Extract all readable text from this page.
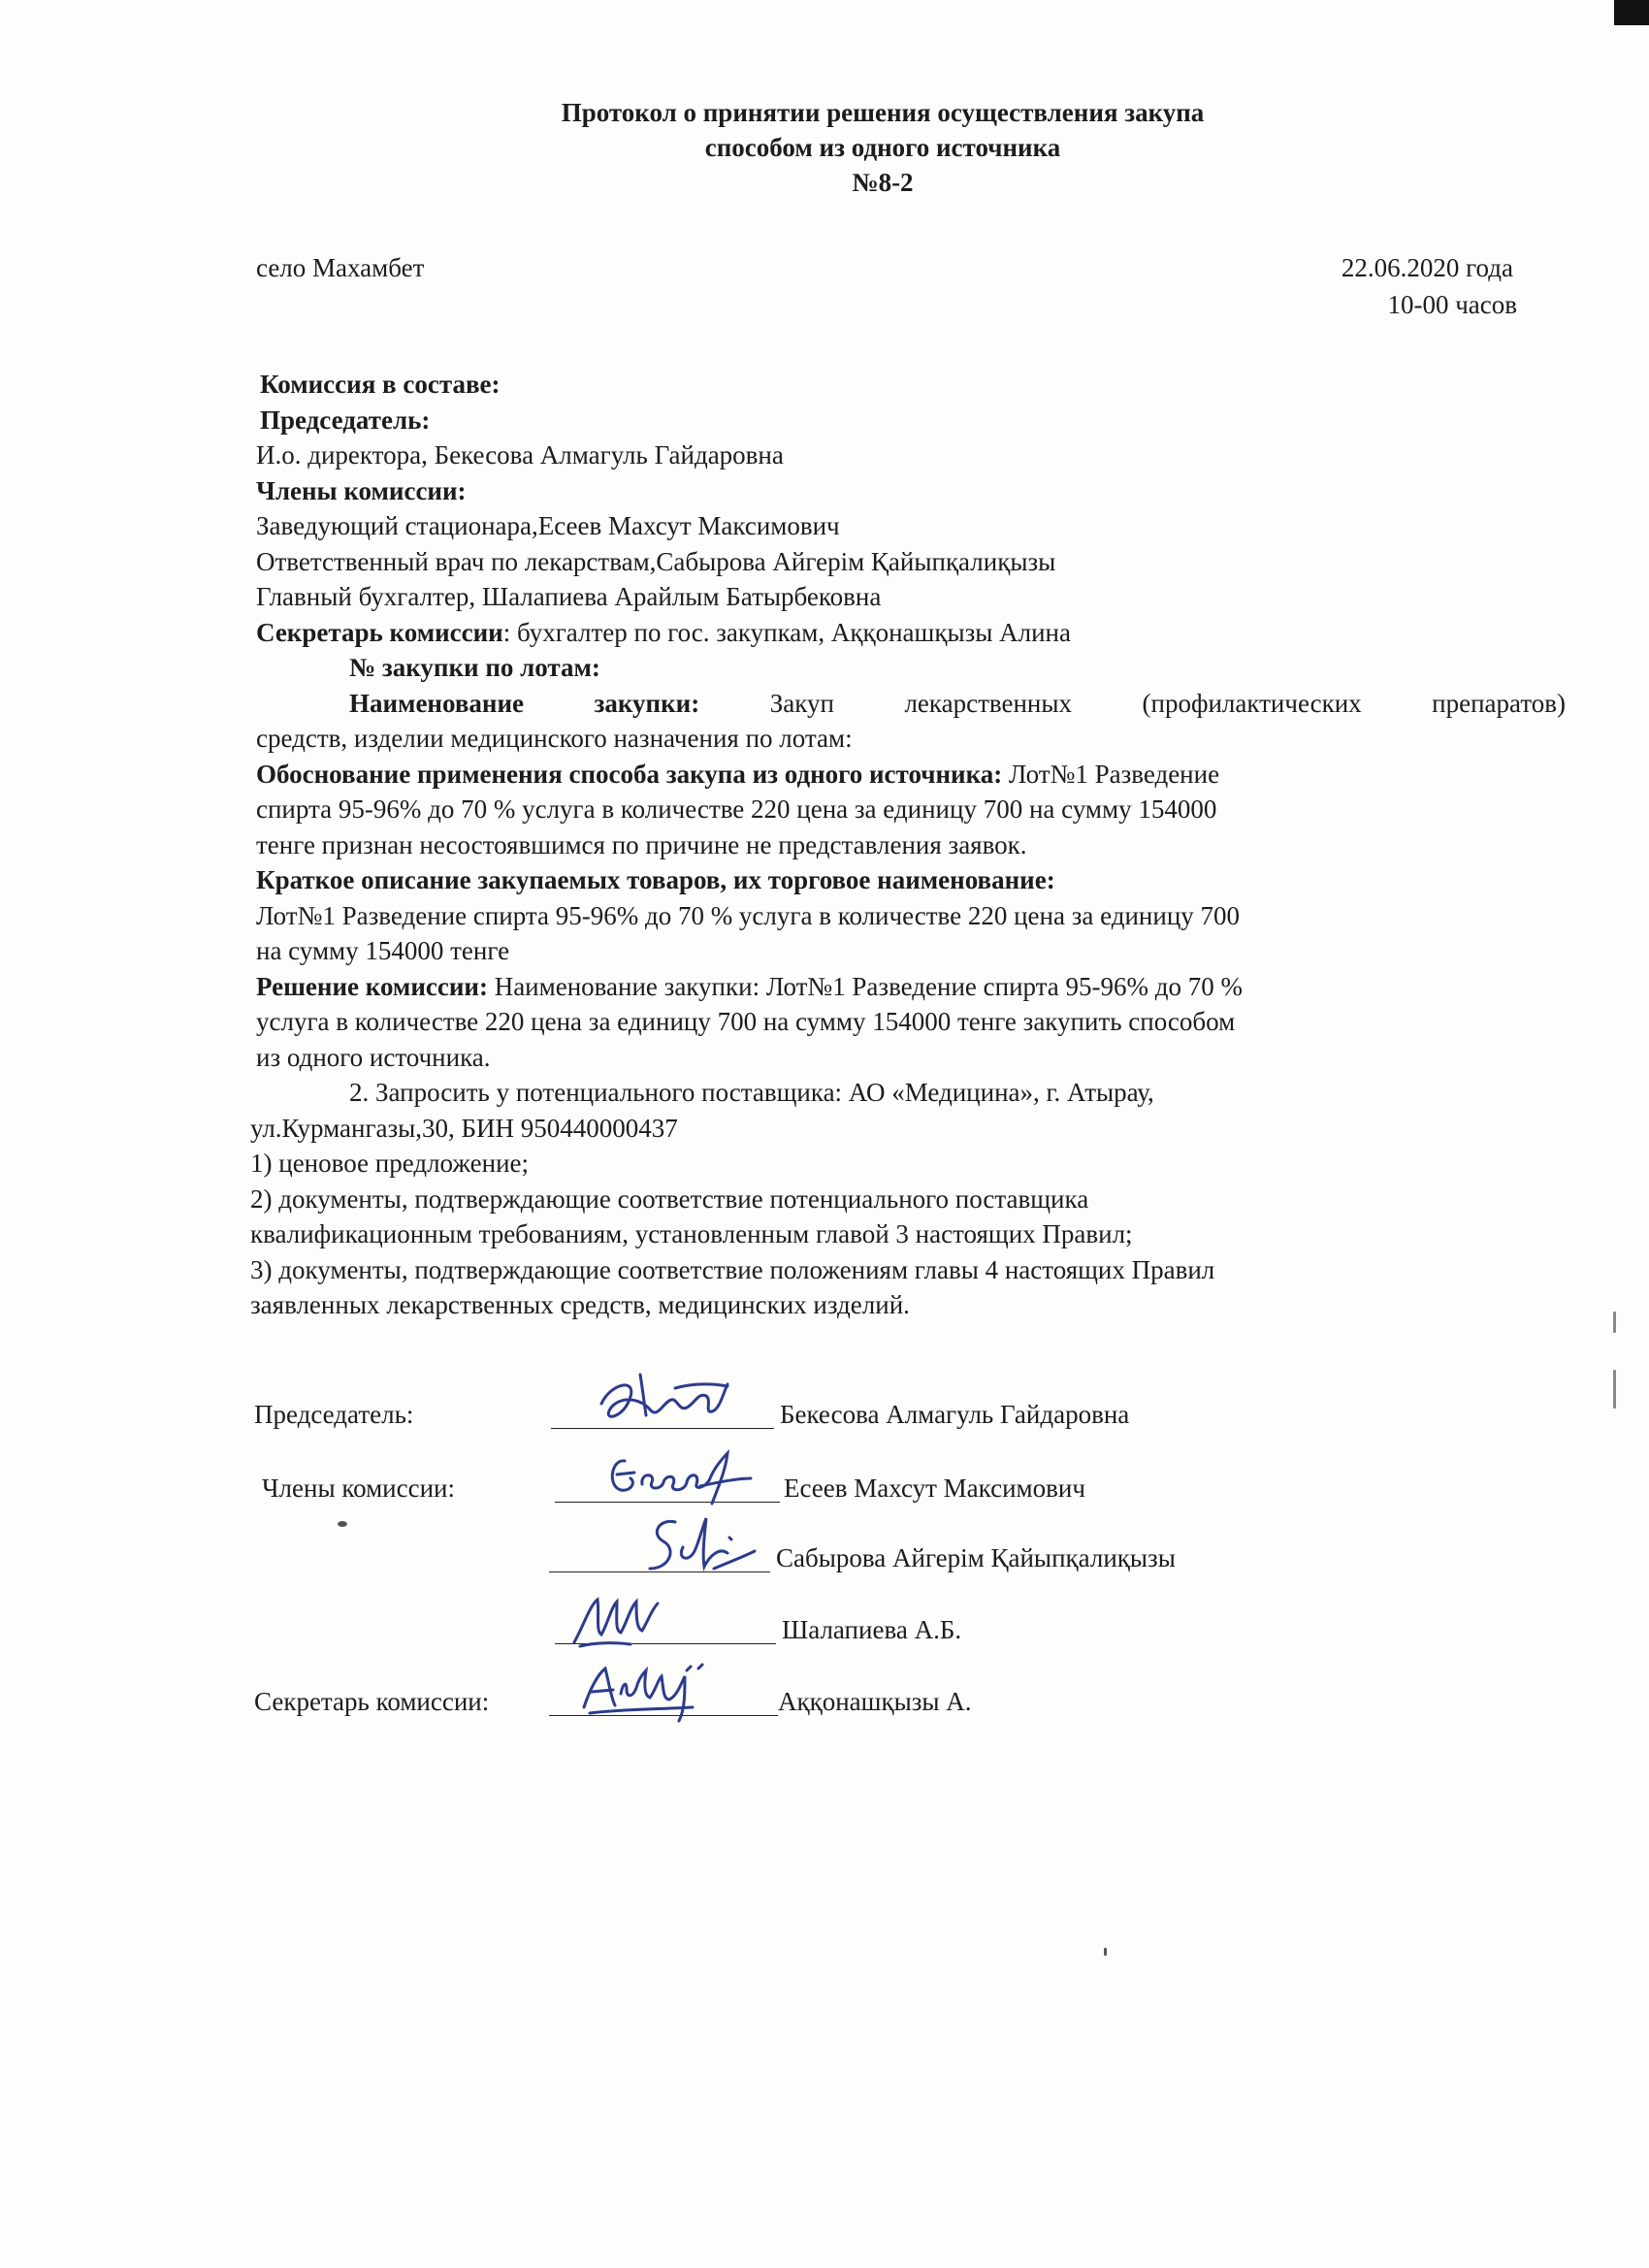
Протокол о принятии решения осуществления закупа
способом из одного источника
№8-2
село Махамбет	22.06.2020 года
10-00 часов
Комиссия в составе:
Председатель:
И.о. директора, Бекесова Алмагуль Гайдаровна
Члены комиссии:
Заведующий стационара,Есеев Махсут Максимович
Ответственный врач по лекарствам,Сабырова Айгерім Қайыпқалиқызы
Главный бухгалтер, Шалапиева Арайлым Батырбековна
Секретарь комиссии: бухгалтер по гос. закупкам, Аққонашқызы Алина
№ закупки по лотам:
Наименование закупки:	Закуп лекарственных (профилактических препаратов)
средств, изделии медицинского назначения по лотам:
Обоснование применения способа закупа из одного источника: Лот№1 Разведение
спирта 95-96% до 70 % услуга в количестве 220 цена за единицу 700 на сумму 154000
тенге признан несостоявшимся по причине не представления заявок.
Краткое описание закупаемых товаров, их торговое наименование:
Лот№1 Разведение спирта 95-96% до 70 % услуга в количестве 220 цена за единицу 700
на сумму 154000 тенге
Решение комиссии: Наименование закупки: Лот№1 Разведение спирта 95-96% до 70 %
услуга в количестве 220 цена за единицу 700 на сумму 154000 тенге закупить способом
из одного источника.
2. Запросить у потенциального поставщика: АО «Медицина», г. Атырау,
ул.Курмангазы,30, БИН 950440000437
1) ценовое предложение;
2) документы, подтверждающие соответствие потенциального поставщика
квалификационным требованиям, установленным главой 3 настоящих Правил;
3) документы, подтверждающие соответствие положениям главы 4 настоящих Правил
заявленных лекарственных средств, медицинских изделий.
Председатель:	Бекесова Алмагуль Гайдаровна
Члены комиссии:	Есеев Махсут Максимович
Сабырова Айгерім Қайыпқалиқызы
Шалапиева А.Б.
Секретарь комиссии:	Аққонашқызы А.
